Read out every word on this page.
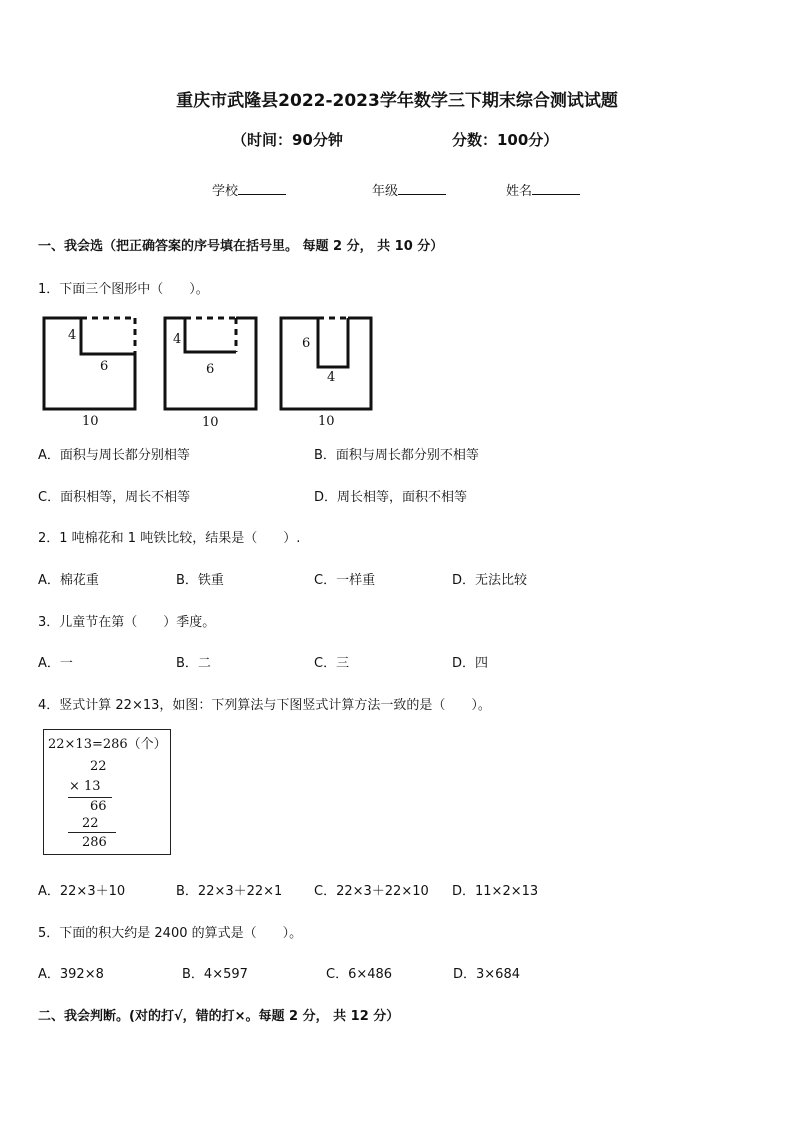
重庆市武隆县2022-2023学年数学三下期末综合测试试题
（时间：90分钟	分数：100分）
学校	年级	姓名
一、我会选（把正确答案的序号填在括号里。 每题 2 分， 共 10 分）
1．下面三个图形中（　　）。
4
6
10
4
6
10
6
4
10
A．面积与周长都分别相等	B．面积与周长都分别不相等
C．面积相等，周长不相等	D．周长相等，面积不相等
2．1 吨棉花和 1 吨铁比较，结果是（　　）.
A．棉花重	B．铁重	C．一样重	D．无法比较
3．儿童节在第（　　）季度。
A．一	B．二	C．三	D．四
4．竖式计算 22×13，如图：下列算法与下图竖式计算方法一致的是（　　）。
22×13=286（个）
22
× 13
66
22
286
A．22×3＋10	B．22×3＋22×1 C．22×3＋22×10 D．11×2×13
5．下面的积大约是 2400 的算式是（　　）。
A．392×8	B．4×597	C．6×486	D．3×684
二、我会判断。(对的打√，错的打×。每题 2 分， 共 12 分）
